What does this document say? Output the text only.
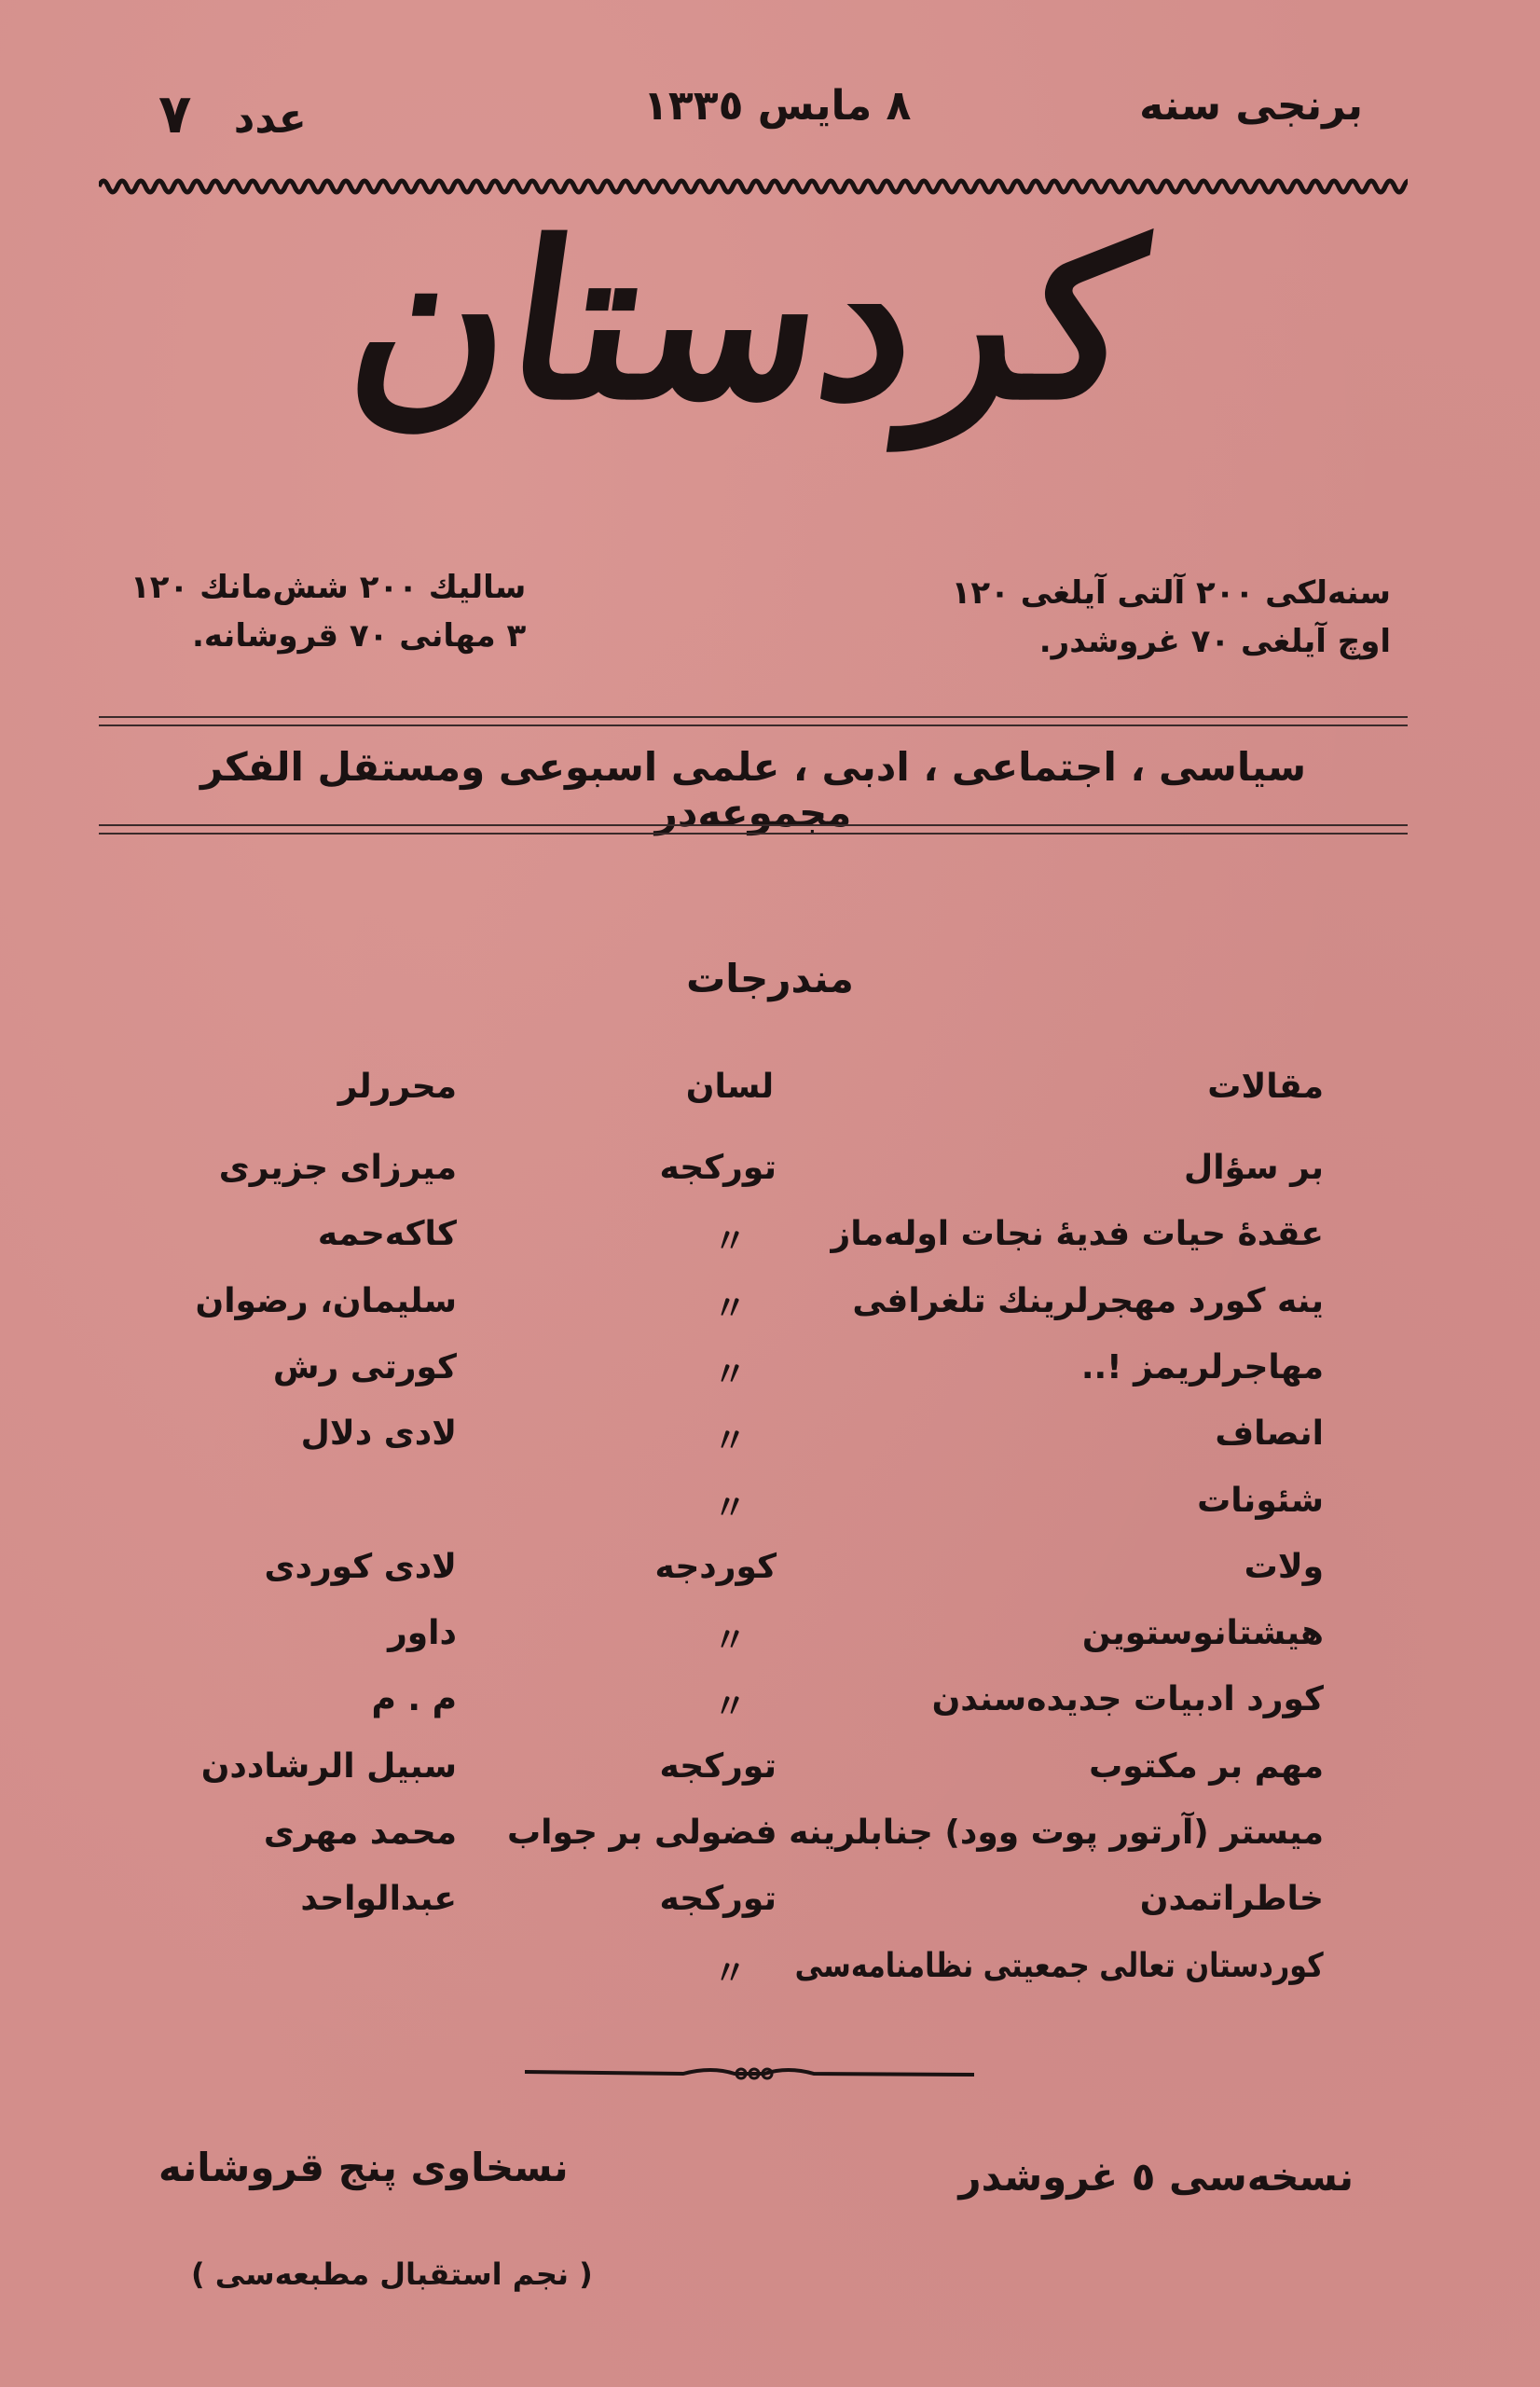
برنجی سنه
٨ مایس ١٣٣٥
عدد ٧
کردستان
سنه‌لکی ٢٠٠ آلتی آیلغی ١٢٠
اوچ آیلغی ٧٠ غروشدر.
سالیك ٢٠٠ شش‌مانك ١٢٠
٣ مهانی ٧٠ قروشانه.
سیاسی ، اجتماعی ، ادبی ، علمی اسبوعی ومستقل الفکر مجموعه‌در
مندرجات
مقالات
لسان
محررلر
بر سؤال
تورکجه
میرزای جزیری
عقدهٔ حیات فدیهٔ نجات اوله‌ماز
〃
کاکه‌حمه
ینه کورد مهجرلرینك تلغرافی
〃
سلیمان، رضوان
مهاجرلریمز !..
〃
کورتی رش
انصاف
〃
لادی دلال
شئونات
〃
ولات
کوردجه
لادی کوردی
هیشتانوستوین
〃
داور
کورد ادبیات جدیده‌سندن
〃
م . م
مهم بر مکتوب
تورکجه
سبیل الرشاددن
میستر (آرتور پوت وود) جنابلرینه فضولی بر جواب
محمد مهری
خاطراتمدن
تورکجه
عبدالواحد
کوردستان تعالی جمعیتی نظامنامه‌سی
〃
نسخه‌سی ٥ غروشدر
نسخاوی پنج قروشانه
( نجم استقبال مطبعه‌سی )
